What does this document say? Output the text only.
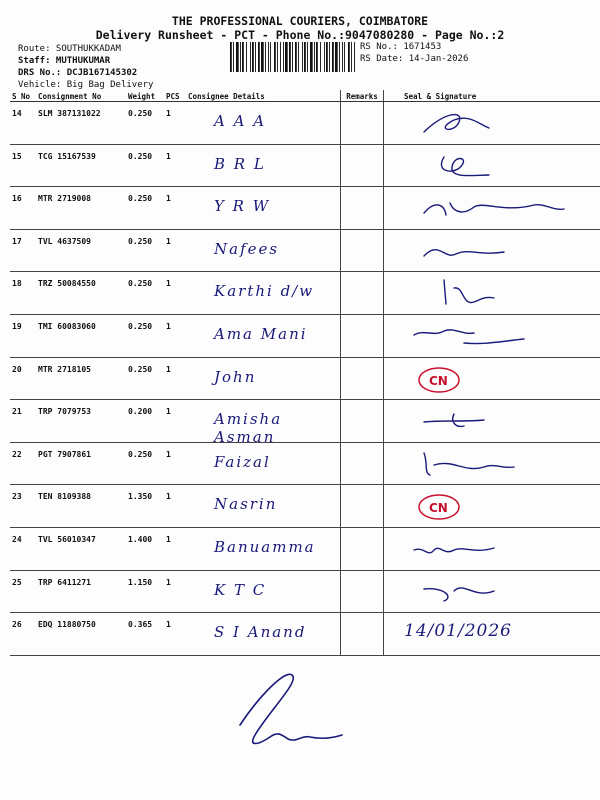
THE PROFESSIONAL COURIERS, COIMBATORE
Delivery Runsheet - PCT - Phone No.:9047080280 - Page No.:2
Route: SOUTHUKKADAM
Staff: MUTHUKUMAR
DRS No.: DCJB167145302
Vehicle: Big Bag Delivery
RS No.: 1671453
RS Date: 14-Jan-2026
S No	Consignment No	Weight	PCS	Consignee Details	Remarks	Seal & Signature

14	SLM 387131022	0.250	1	A A A

15	TCG 15167539	0.250	1	B R L

16	MTR 2719008	0.250	1	Y R W

17	TVL 4637509	0.250	1	Nafees

18	TRZ 50084550	0.250	1	Karthi d/w

19	TMI 60083060	0.250	1	Ama Mani

20	MTR 2718105	0.250	1	John		CN

21	TRP 7079753	0.200	1	Amisha Asman

22	PGT 7907861	0.250	1	Faizal

23	TEN 8109388	1.350	1	Nasrin		CN

24	TVL 56010347	1.400	1	Banuamma

25	TRP 6411271	1.150	1	K T C

26	EDQ 11880750	0.365	1	S I Anand		14/01/2026
